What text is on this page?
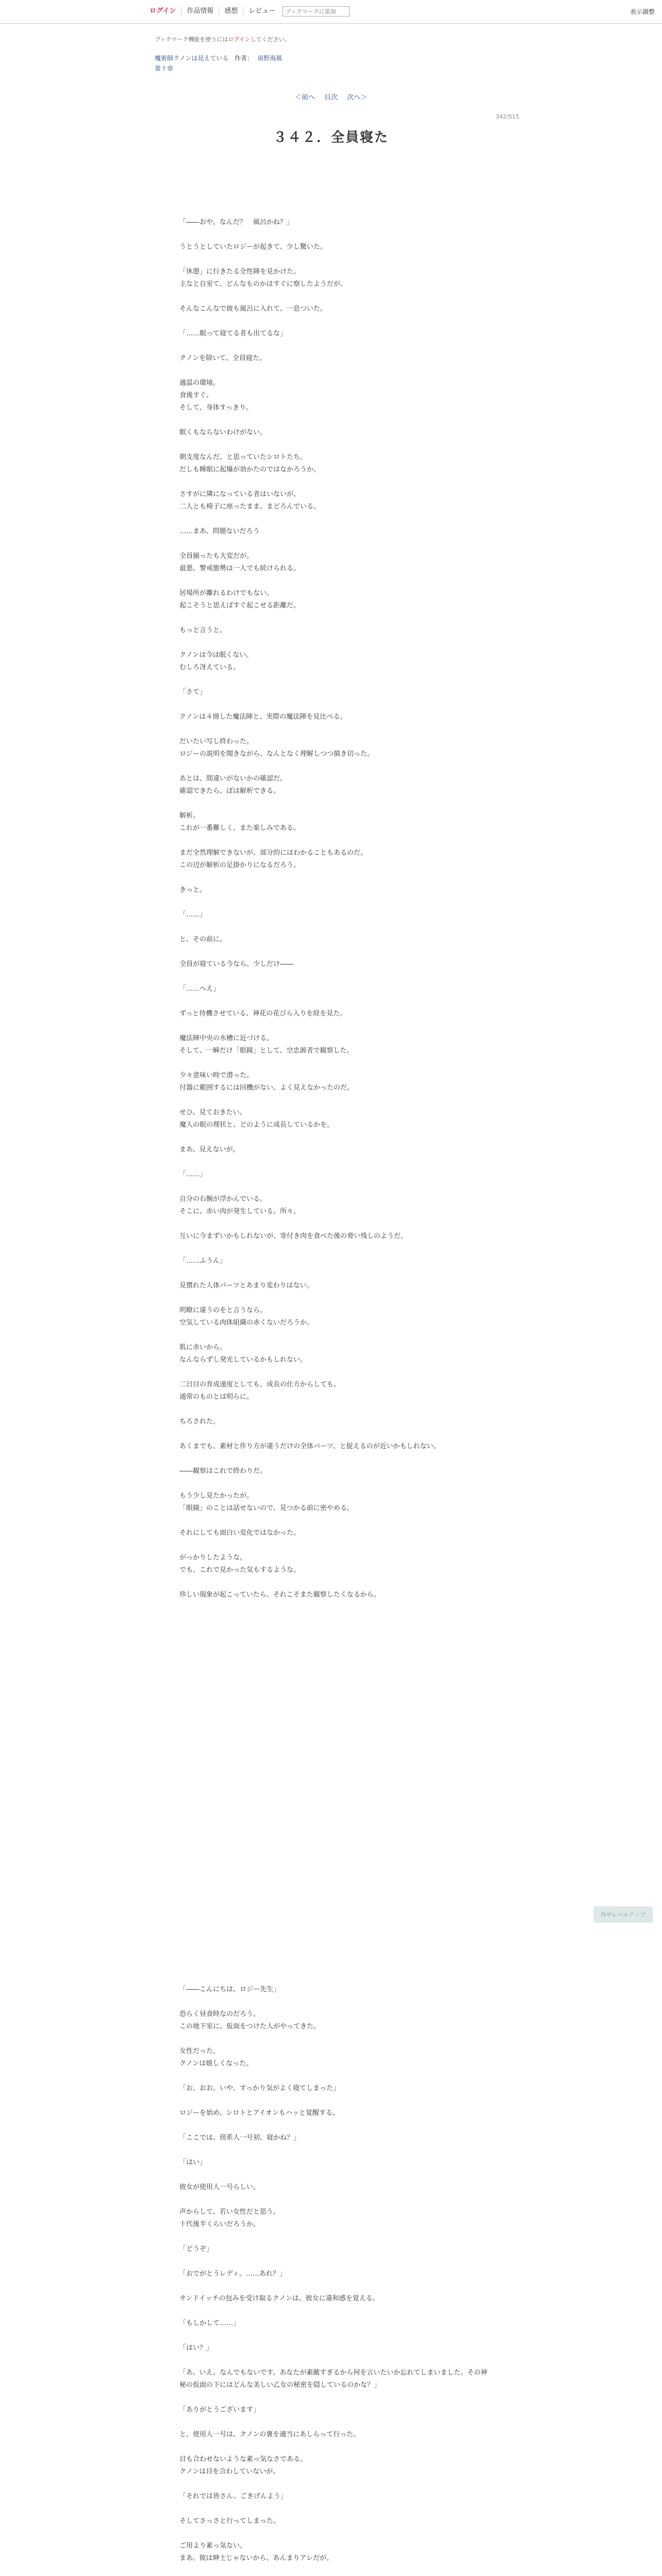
ログイン	作品情報	感想	レビュー
ブックマークに追加	表示調整
ブックマーク機能を使うにはログインしてください。
魔術師クノンは見えている 作者： 南野海風
第十章
＜前へ 目次 次へ＞
342/515
３４２．全員寝た

「――おや。なんだ？　風呂かね？」

うとうとしていたロジーが起きて、少し驚いた。

「休憩」に行きたる全性陣を見かけた。

主なと自室て、どんなものかはすぐに察したようだが。

そんなこんなで彼も風呂に入れて、一息ついた。

「……眠って寝てる者も出てるな」

クノンを除いて、全員寝た。

適温の環境。

食後すぐ。

そして、身体すっきり。

眠くもならないわけがない。

朝支度なんだ、と思っていたシロトたち。

だしも睡眠に起爆が効かたのではなかろうか。

さすがに隣になっている者はいないが、

二人とも椅子に座ったまま、まどろんでいる。

……まあ、問題ないだろう

全員揃ったも大変だが。

最悪、警戒態勢は一人でも続けられる。

居場所が離れるわけでもない。

起こそうと思えばすぐ起こせる距離だ。

もっと言うと。

クノンは今は眠くない。

むしろ冴えている。

「さて」

クノンは４冊した魔法陣と、実際の魔法陣を見比べる。

だいたい写し終わった。

ロジーの説明を聞きながら、なんとなく理解しつつ描き切った。

あとは、間違いがないかの確認だ。

確認できたら、ぼは解析できる。

解析。

これが一番難しく、また楽しみである。

まだ全然理解できないが、部分的にはわかることもあるのだ。

この辺が解析の足掛かりになるだろう。

きっと。

「……」

と、その前に。

全員が寝ている今なら、少しだけ――

「……へえ」

ずっと待機させている、神花の花びら入りを経を見た。

魔法陣中央の氷槽に近づける。

そして、一瞬だけ「眼鏡」として、空忠源者で観察した。

少々意味い時で潜った。

付器に範囲するには回機がない、よく見えなかったのだ。

せひ、見ておきたい。

魔人の眠の理状と、どのように成長しているかを。

まあ、見えないが。

「……」

自分の右腕が浮かんでいる。

そこに、赤い肉が発生している。所々。

互いに今まずいかもしれないが、寄付き肉を食べた後の脅い残しのようだ。

「……ふうん」

見慣れた人体パーツとあまり変わりはない。

明瞭に違うのをと言うなら。

空気している肉体組織の赤くないだろうか。

肌に赤いから。

なんならずし発光しているかもしれない。

二日目の育成速度としても、成長の仕方からしても。

通常のものとは明らに。

ちろされた。

あくまでも、素材と作り方が違うだけの全体パーツ、と捉えるのが近いかもしれない。

――観察はこれで終わりだ。

もう少し見たかったが。

「眼鏡」のことは話せないので、見つかる前に密やめる。

それにしても面白い変化ではなかった。

がっかりしたような。

でも、これで見かった気もするような。

珍しい現象が起こっていたら、それこそまた観察したくなるから。

作中レベルアップ

「――こんにちは、ロジー先生」

恐らく昼食時なのだろう。

この地下室に、仮面をつけた人がやってきた。

女性だった。

クノンは嬉しくなった。

「お、おお。いや、すっかり気がよく寝てしまった」

ロジーを始め、シロトとアイオンもハッと覚醒する。

「ここでは、傍系人一号初、寝かね？」

「はい」

彼女が使用人一号らしい。

声からして、若い女性だと思う。

十代後半くらいだろうか。

「どうぞ」

「おでがとうレディ。……あれ？」

サンドイッチの包みを受け取るクノンは、彼女に違和感を覚える。

「もしかして……」

「はい？」

「あ、いえ。なんでもないです。あなたが素敵すぎるから何を言いたいか忘れてしまいました。その神秘の仮面の下にはどんな美しい乙女の秘密を隠しているのかな？」

「ありがとうございます」

と、使用人一号は、クノンの褒を適当にあしらって行った。

目も合わせないような素っ気なさである。

クノンは目を合わしていないが。

「それでは皆さん、ごきげんよう」

そしてさっさと行ってしまった。

ご用より素っ気ない。

まあ、彼は紳士じゃないから、あんまりアレだが。
